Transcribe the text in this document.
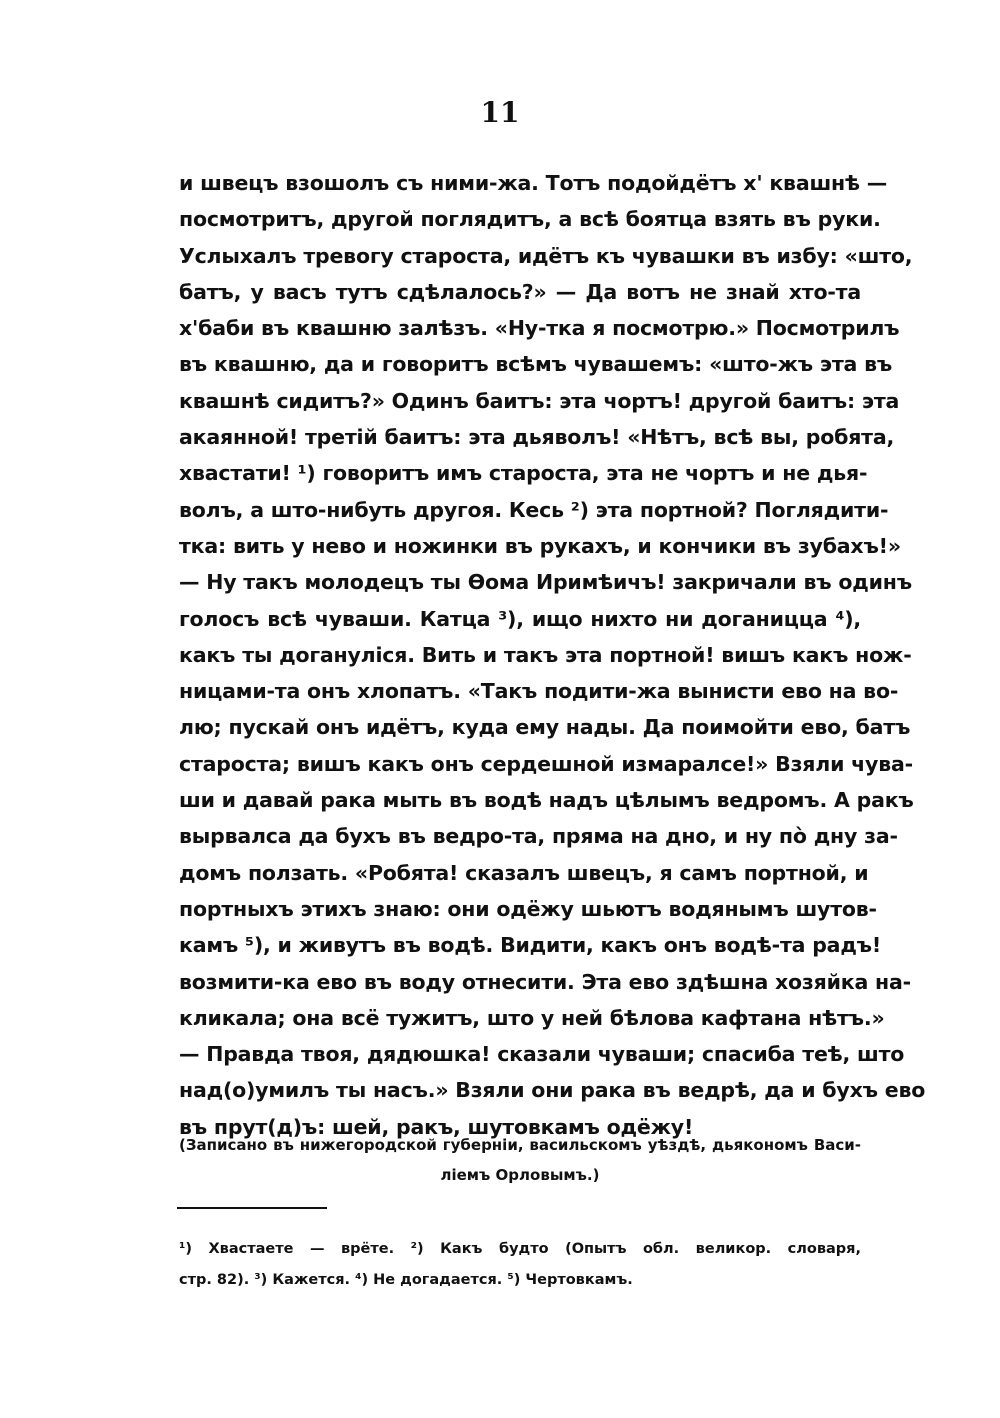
11
и швецъ взошолъ съ ними-жа. Тотъ подойдётъ х' квашнѣ —
посмотритъ, другой поглядитъ, а всѣ боятца взять въ руки.
Услыхалъ тревогу староста, идётъ къ чувашки въ избу: «што,
батъ, у васъ тутъ сдѣлалось?» — Да вотъ не знай хто-та
х'баби въ квашню залѣзъ. «Ну-тка я посмотрю.» Посмотрилъ
въ квашню, да и говоритъ всѣмъ чувашемъ: «што-жъ эта въ
квашнѣ сидитъ?» Одинъ баитъ: эта чортъ! другой баитъ: эта
акаянной! третій баитъ: эта дьяволъ! «Нѣтъ, всѣ вы, робята,
хвастати! ¹) говоритъ имъ староста, эта не чортъ и не дья-
волъ, а што-нибуть другоя. Кесь ²) эта портной? Поглядити-
тка: вить у нево и ножинки въ рукахъ, и кончики въ зубахъ!»
— Ну такъ молодецъ ты Ѳома Иримѣичъ! закричали въ одинъ
голосъ всѣ чуваши. Катца ³), ищо нихто ни доганицца ⁴),
какъ ты догануліся. Вить и такъ эта портной! вишъ какъ нож-
ницами-та онъ хлопатъ. «Такъ подити-жа вынисти ево на во-
лю; пускай онъ идётъ, куда ему нады. Да поимойти ево, батъ
староста; вишъ какъ онъ сердешной измаралсе!» Взяли чува-
ши и давай рака мыть въ водѣ надъ цѣлымъ ведромъ. А ракъ
вырвалса да бухъ въ ведро-та, пряма на дно, и ну пò дну за-
домъ ползать. «Робята! сказалъ швецъ, я самъ портной, и
портныхъ этихъ знаю: они одёжу шьютъ водянымъ шутов-
камъ ⁵), и живутъ въ водѣ. Видити, какъ онъ водѣ-та радъ!
возмити-ка ево въ воду отнесити. Эта ево здѣшна хозяйка на-
кликала; она всё тужитъ, што у ней бѣлова кафтана нѣтъ.»
— Правда твоя, дядюшка! сказали чуваши; спасиба теѣ, што
над(о)умилъ ты насъ.» Взяли они рака въ ведрѣ, да и бухъ ево
въ прут(д)ъ: шей, ракъ, шутовкамъ одёжу!
(Записано въ нижегородской губерніи, васильскомъ уѣздѣ, дьякономъ Васи-
ліемъ Орловымъ.)
¹) Хвастаете — врёте. ²) Какъ будто (Опытъ обл. великор. словаря,
стр. 82). ³) Кажется. ⁴) Не догадается. ⁵) Чертовкамъ.
